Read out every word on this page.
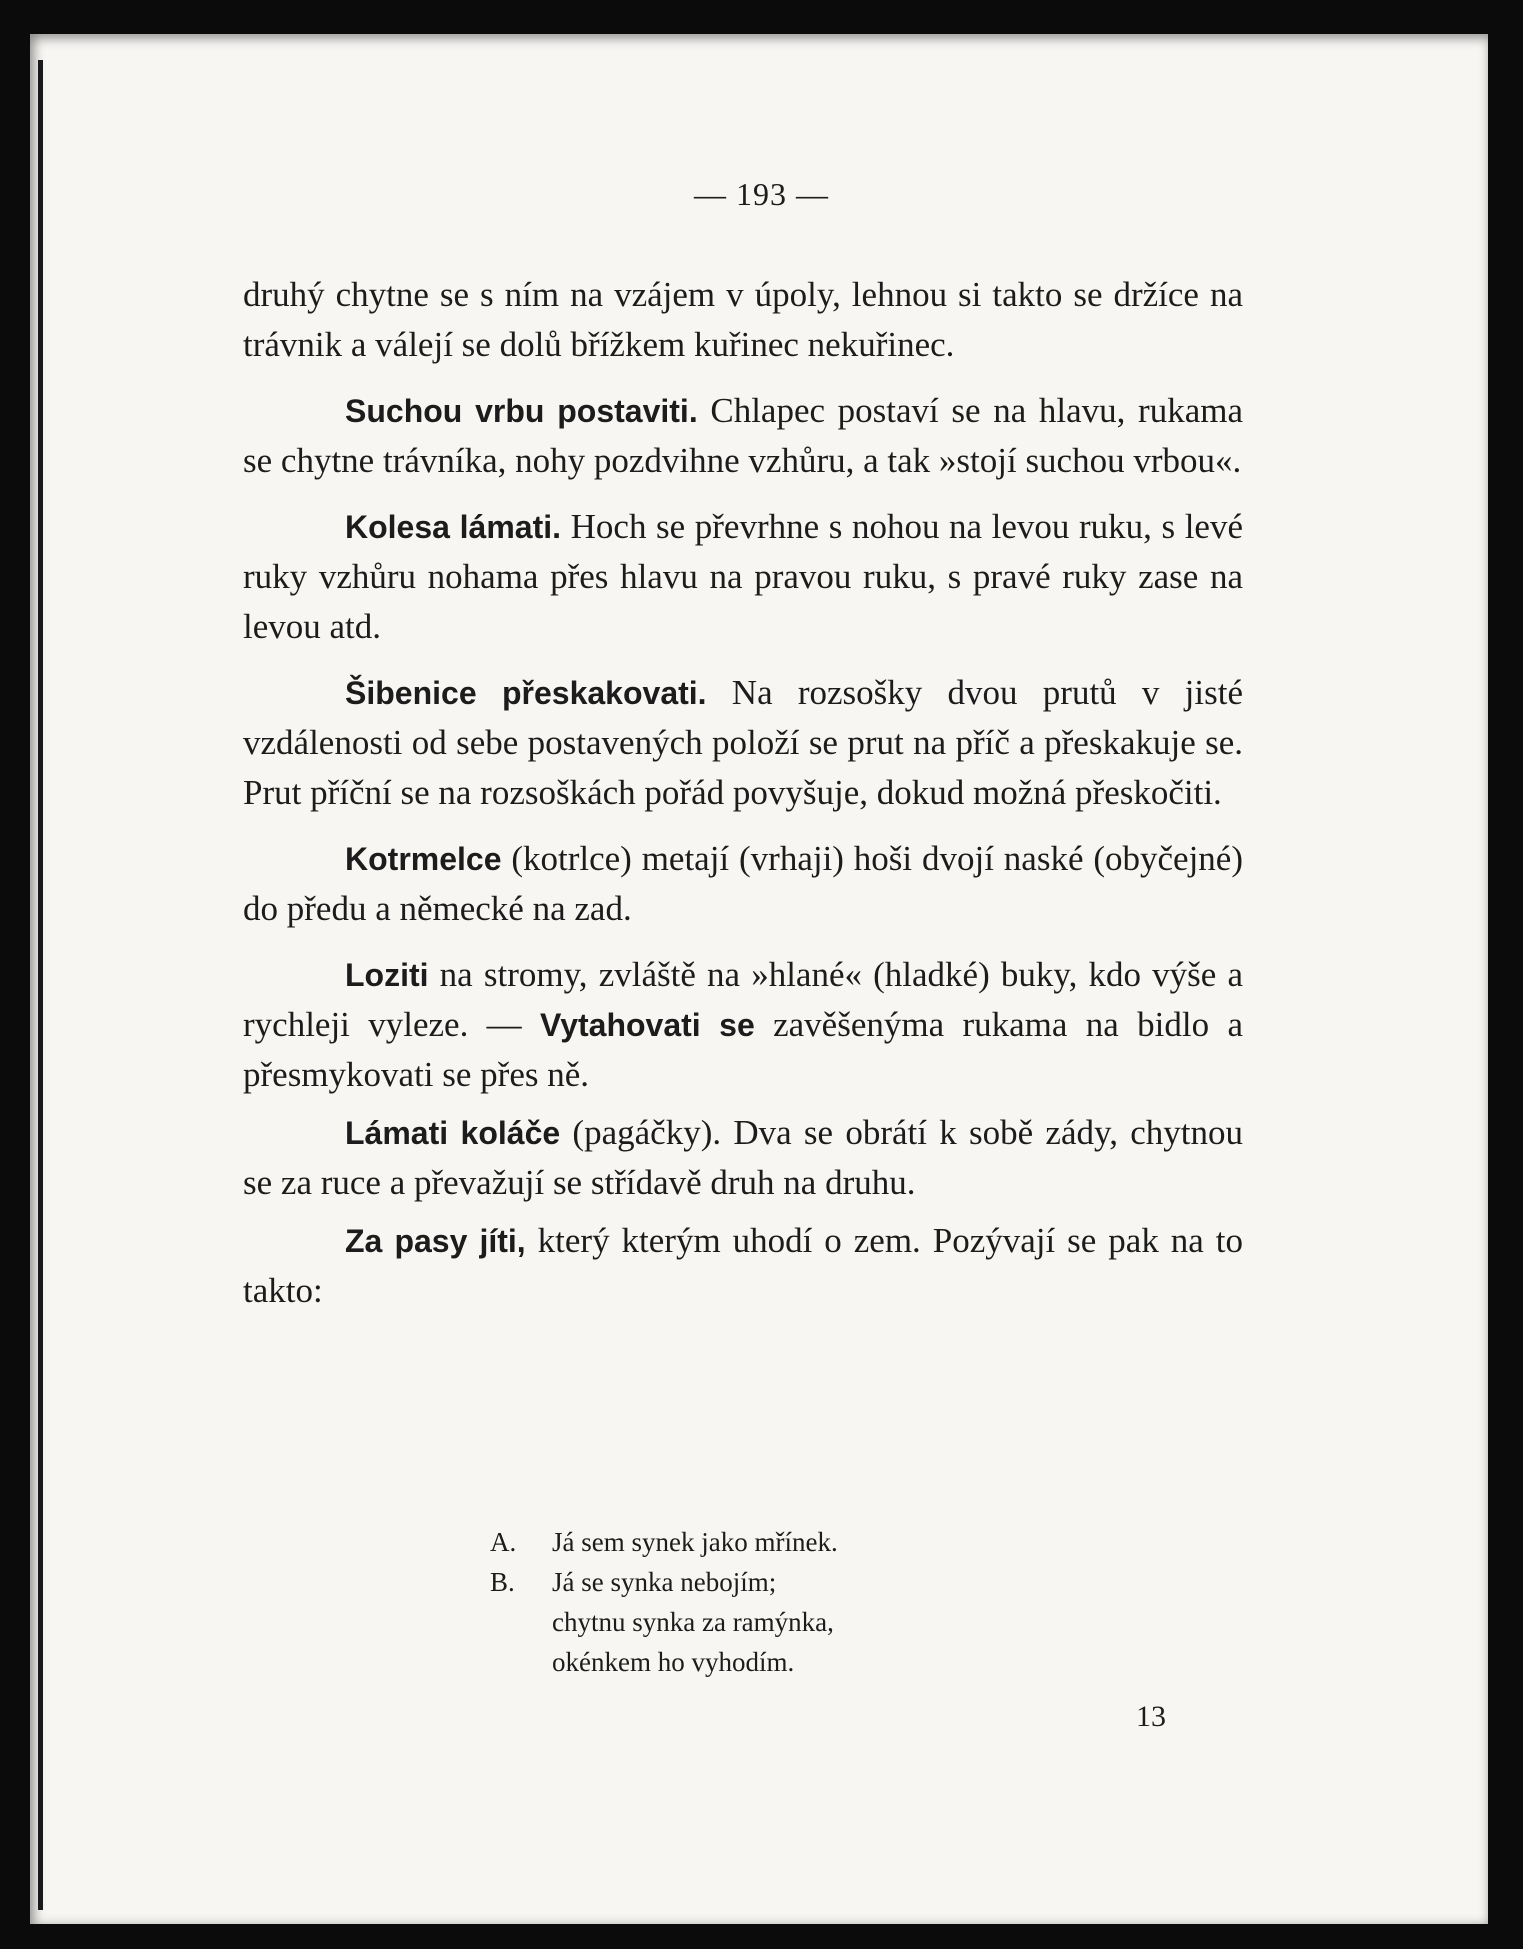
— 193 —

druhý chytne se s ním na vzájem v úpoly, lehnou si takto se držíce na trávnik a válejí se dolů břížkem kuřinec nekuřinec.

Suchou vrbu postaviti. Chlapec postaví se na hlavu, rukama se chytne trávníka, nohy pozdvihne vzhůru, a tak »stojí suchou vrbou«.

Kolesa lámati. Hoch se převrhne s nohou na levou ruku, s levé ruky vzhůru nohama přes hlavu na pravou ruku, s pravé ruky zase na levou atd.

Šibenice přeskakovati. Na rozsošky dvou prutů v jisté vzdálenosti od sebe postavených položí se prut na příč a přeskakuje se. Prut příční se na rozsoškách pořád povyšuje, dokud možná přeskočiti.

Kotrmelce (kotrlce) metají (vrhaji) hoši dvojí naské (obyčejné) do předu a německé na zad.

Loziti na stromy, zvláště na »hlané« (hladké) buky, kdo výše a rychleji vyleze. — Vytahovati se zavěšenýma rukama na bidlo a přesmykovati se přes ně.

Lámati koláče (pagáčky). Dva se obrátí k sobě zády, chytnou se za ruce a převažují se střídavě druh na druhu.

Za pasy jíti, který kterým uhodí o zem. Pozývají se pak na to takto:

A.	Já sem synek jako mřínek.
B.	Já se synka nebojím;
chytnu synka za ramýnka,
okénkem ho vyhodím.
13
